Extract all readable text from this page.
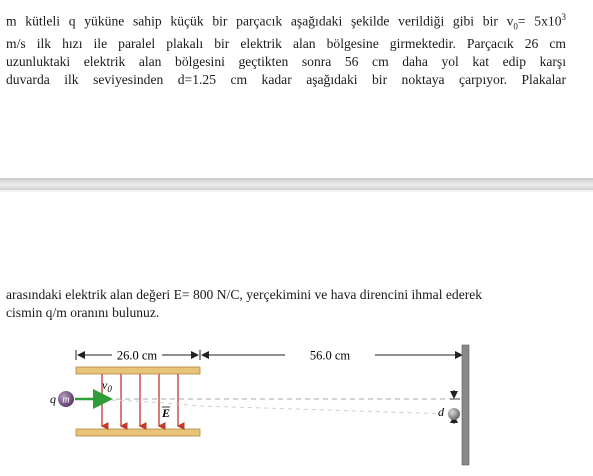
m kütleli q yüküne sahip küçük bir parçacık aşağıdaki şekilde verildiği gibi bir $v_0= 5x10^3$
m/s ilk hızı ile paralel plakalı bir elektrik alan bölgesine girmektedir. Parçacık 26 cm
uzunluktaki elektrik alan bölgesini geçtikten sonra 56 cm daha yol kat edip karşı
duvarda ilk seviyesinden d=1.25 cm kadar aşağıdaki bir noktaya çarpıyor. Plakalar
arasındaki elektrik alan değeri E= 800 N/C, yerçekimini ve hava direncini ihmal ederek
cismin q/m oranını bulunuz.
26.0 cm	56.0 cm
m
q
$v_0$
E	d
